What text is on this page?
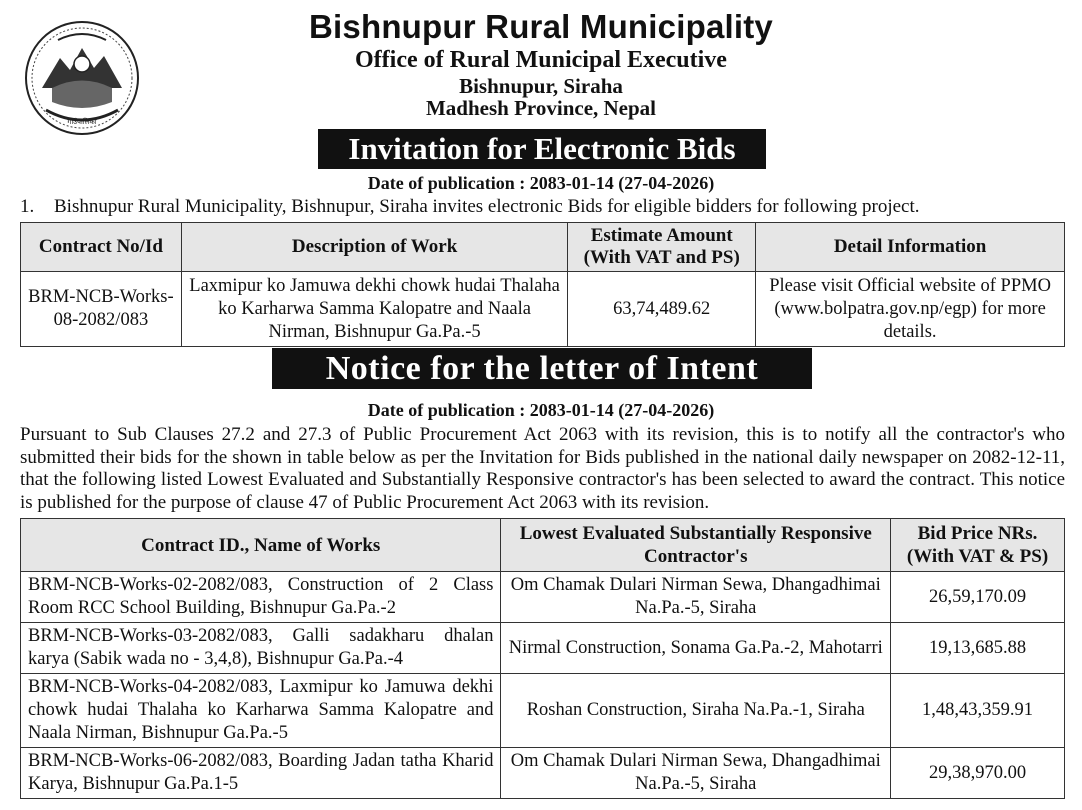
गाउँपालिका
Bishnupur Rural Municipality
Office of Rural Municipal Executive
Bishnupur, Siraha
Madhesh Province, Nepal
Invitation for Electronic Bids
Date of publication : 2083-01-14 (27-04-2026)
1. Bishnupur Rural Municipality, Bishnupur, Siraha invites electronic Bids for eligible bidders for following project.
Contract No/Id	Description of Work	Estimate Amount (With VAT and PS)	Detail Information
BRM-NCB-Works-08-2082/083	Laxmipur ko Jamuwa dekhi chowk hudai Thalaha ko Karharwa Samma Kalopatre and Naala Nirman, Bishnupur Ga.Pa.-5	63,74,489.62	Please visit Official website of PPMO (www.bolpatra.gov.np/egp) for more details.
Notice for the letter of Intent
Date of publication : 2083-01-14 (27-04-2026)
Pursuant to Sub Clauses 27.2 and 27.3 of Public Procurement Act 2063 with its revision, this is to notify all the contractor's who submitted their bids for the shown in table below as per the Invitation for Bids published in the national daily newspaper on 2082-12-11, that the following listed Lowest Evaluated and Substantially Responsive contractor's has been selected to award the contract. This notice is published for the purpose of clause 47 of Public Procurement Act 2063 with its revision.
Contract ID., Name of Works	Lowest Evaluated Substantially Responsive Contractor's	Bid Price NRs. (With VAT & PS)
BRM-NCB-Works-02-2082/083, Construction of 2 Class Room RCC School Building, Bishnupur Ga.Pa.-2	Om Chamak Dulari Nirman Sewa, Dhangadhimai Na.Pa.-5, Siraha	26,59,170.09
BRM-NCB-Works-03-2082/083, Galli sadakharu dhalan karya (Sabik wada no - 3,4,8), Bishnupur Ga.Pa.-4	Nirmal Construction, Sonama Ga.Pa.-2, Mahotarri	19,13,685.88
BRM-NCB-Works-04-2082/083, Laxmipur ko Jamuwa dekhi chowk hudai Thalaha ko Karharwa Samma Kalopatre and Naala Nirman, Bishnupur Ga.Pa.-5	Roshan Construction, Siraha Na.Pa.-1, Siraha	1,48,43,359.91
BRM-NCB-Works-06-2082/083, Boarding Jadan tatha Kharid Karya, Bishnupur Ga.Pa.1-5	Om Chamak Dulari Nirman Sewa, Dhangadhimai Na.Pa.-5, Siraha	29,38,970.00
